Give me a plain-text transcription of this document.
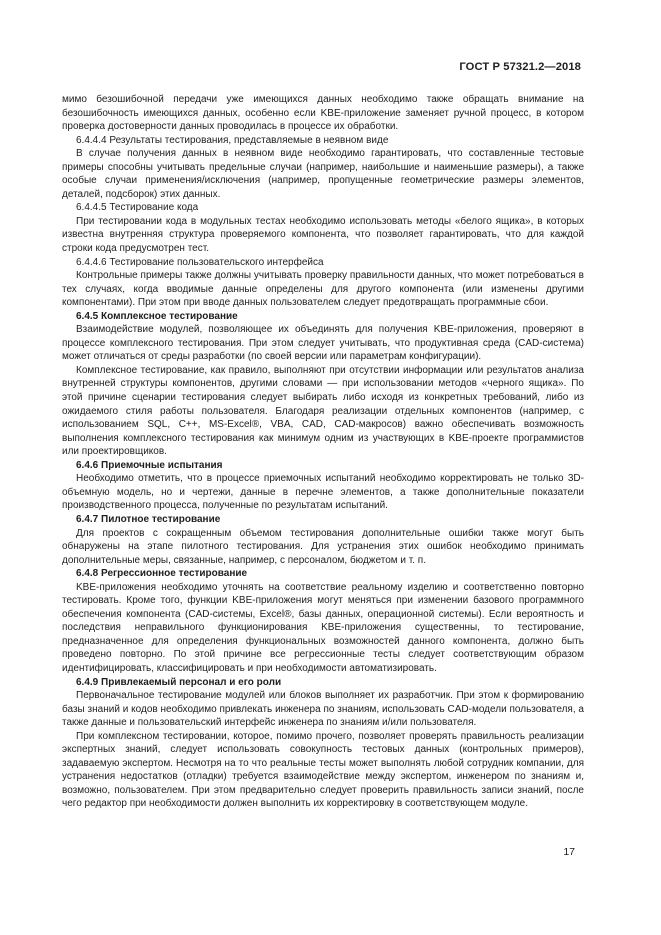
ГОСТ Р 57321.2—2018

мимо безошибочной передачи уже имеющихся данных необходимо также обращать внимание на безошибочность имеющихся данных, особенно если KBE-приложение заменяет ручной процесс, в котором проверка достоверности данных проводилась в процессе их обработки.

6.4.4.4 Результаты тестирования, представляемые в неявном виде

В случае получения данных в неявном виде необходимо гарантировать, что составленные тестовые примеры способны учитывать предельные случаи (например, наибольшие и наименьшие размеры), а также особые случаи применения/исключения (например, пропущенные геометрические размеры элементов, деталей, подсборок) этих данных.

6.4.4.5 Тестирование кода

При тестировании кода в модульных тестах необходимо использовать методы «белого ящика», в которых известна внутренняя структура проверяемого компонента, что позволяет гарантировать, что для каждой строки кода предусмотрен тест.

6.4.4.6 Тестирование пользовательского интерфейса

Контрольные примеры также должны учитывать проверку правильности данных, что может потребоваться в тех случаях, когда вводимые данные определены для другого компонента (или изменены другими компонентами). При этом при вводе данных пользователем следует предотвращать программные сбои.

6.4.5 Комплексное тестирование

Взаимодействие модулей, позволяющее их объединять для получения KBE-приложения, проверяют в процессе комплексного тестирования. При этом следует учитывать, что продуктивная среда (CAD-система) может отличаться от среды разработки (по своей версии или параметрам конфигурации).

Комплексное тестирование, как правило, выполняют при отсутствии информации или результатов анализа внутренней структуры компонентов, другими словами — при использовании методов «черного ящика». По этой причине сценарии тестирования следует выбирать либо исходя из конкретных требований, либо из ожидаемого стиля работы пользователя. Благодаря реализации отдельных компонентов (например, с использованием SQL, C++, MS-Excel®, VBA, CAD, CAD-макросов) важно обеспечивать возможность выполнения комплексного тестирования как минимум одним из участвующих в KBE-проекте программистов или проектировщиков.

6.4.6 Приемочные испытания

Необходимо отметить, что в процессе приемочных испытаний необходимо корректировать не только 3D-объемную модель, но и чертежи, данные в перечне элементов, а также дополнительные показатели производственного процесса, полученные по результатам испытаний.

6.4.7 Пилотное тестирование

Для проектов с сокращенным объемом тестирования дополнительные ошибки также могут быть обнаружены на этапе пилотного тестирования. Для устранения этих ошибок необходимо принимать дополнительные меры, связанные, например, с персоналом, бюджетом и т. п.

6.4.8 Регрессионное тестирование

KBE-приложения необходимо уточнять на соответствие реальному изделию и соответственно повторно тестировать. Кроме того, функции KBE-приложения могут меняться при изменении базового программного обеспечения компонента (CAD-системы, Excel®, базы данных, операционной системы). Если вероятность и последствия неправильного функционирования KBE-приложения существенны, то тестирование, предназначенное для определения функциональных возможностей данного компонента, должно быть проведено повторно. По этой причине все регрессионные тесты следует соответствующим образом идентифицировать, классифицировать и при необходимости автоматизировать.

6.4.9 Привлекаемый персонал и его роли

Первоначальное тестирование модулей или блоков выполняет их разработчик. При этом к формированию базы знаний и кодов необходимо привлекать инженера по знаниям, использовать CAD-модели пользователя, а также данные и пользовательский интерфейс инженера по знаниям и/или пользователя.

При комплексном тестировании, которое, помимо прочего, позволяет проверять правильность реализации экспертных знаний, следует использовать совокупность тестовых данных (контрольных примеров), задаваемую экспертом. Несмотря на то что реальные тесты может выполнять любой сотрудник компании, для устранения недостатков (отладки) требуется взаимодействие между экспертом, инженером по знаниям и, возможно, пользователем. При этом предварительно следует проверить правильность записи знаний, после чего редактор при необходимости должен выполнить их корректировку в соответствующем модуле.

17
